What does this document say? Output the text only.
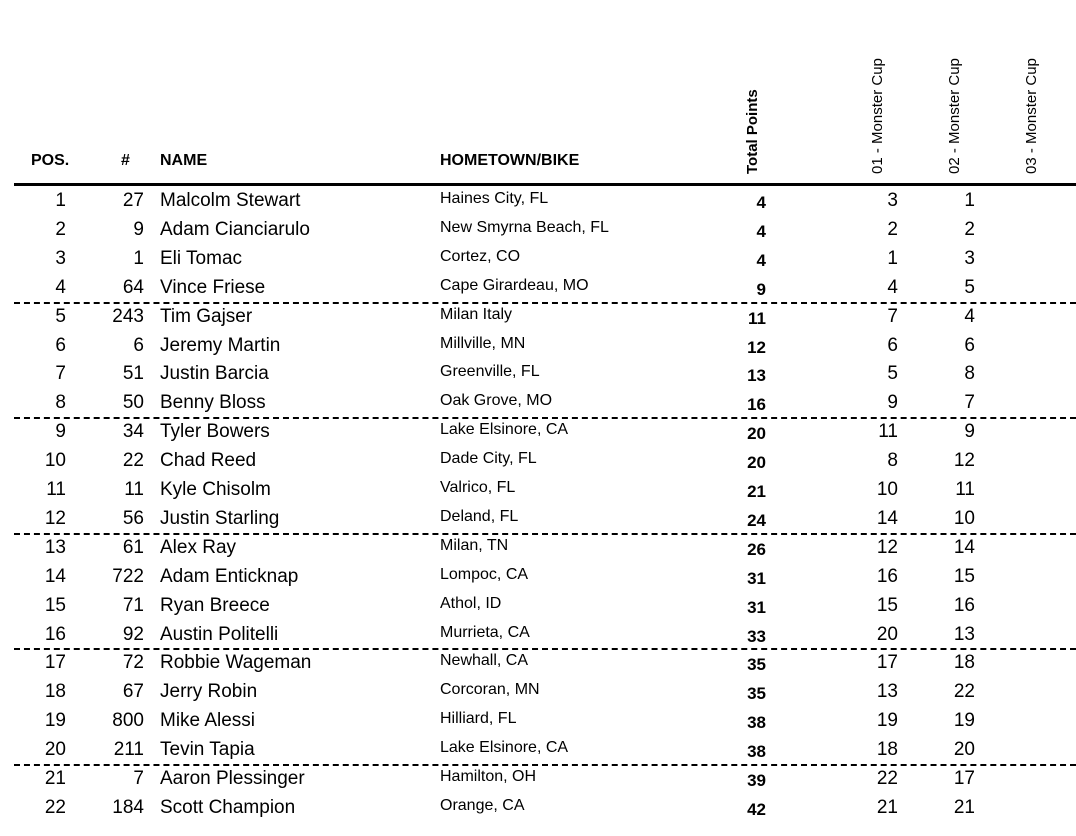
POS.	# NAME	HOMETOWN/BIKE	Total Points	01 - Monster Cup	02 - Monster Cup	03 - Monster Cup
1	27 Malcolm Stewart	Haines City, FL	4	3	1
2	9 Adam Cianciarulo	New Smyrna Beach, FL	4	2	2
3	1 Eli Tomac	Cortez, CO	4	1	3
4	64 Vince Friese	Cape Girardeau, MO	9	4	5
5	243 Tim Gajser	Milan Italy	11	7	4
6	6 Jeremy Martin	Millville, MN	12	6	6
7	51 Justin Barcia	Greenville, FL	13	5	8
8	50 Benny Bloss	Oak Grove, MO	16	9	7
9	34 Tyler Bowers	Lake Elsinore, CA	20	11	9
10	22 Chad Reed	Dade City, FL	20	8	12
11	11 Kyle Chisolm	Valrico, FL	21	10	11
12	56 Justin Starling	Deland, FL	24	14	10
13	61 Alex Ray	Milan, TN	26	12	14
14	722 Adam Enticknap	Lompoc, CA	31	16	15
15	71 Ryan Breece	Athol, ID	31	15	16
16	92 Austin Politelli	Murrieta, CA	33	20	13
17	72 Robbie Wageman	Newhall, CA	35	17	18
18	67 Jerry Robin	Corcoran, MN	35	13	22
19	800 Mike Alessi	Hilliard, FL	38	19	19
20	211 Tevin Tapia	Lake Elsinore, CA	38	18	20
21	7 Aaron Plessinger	Hamilton, OH	39	22	17
22	184 Scott Champion	Orange, CA	42	21	21
